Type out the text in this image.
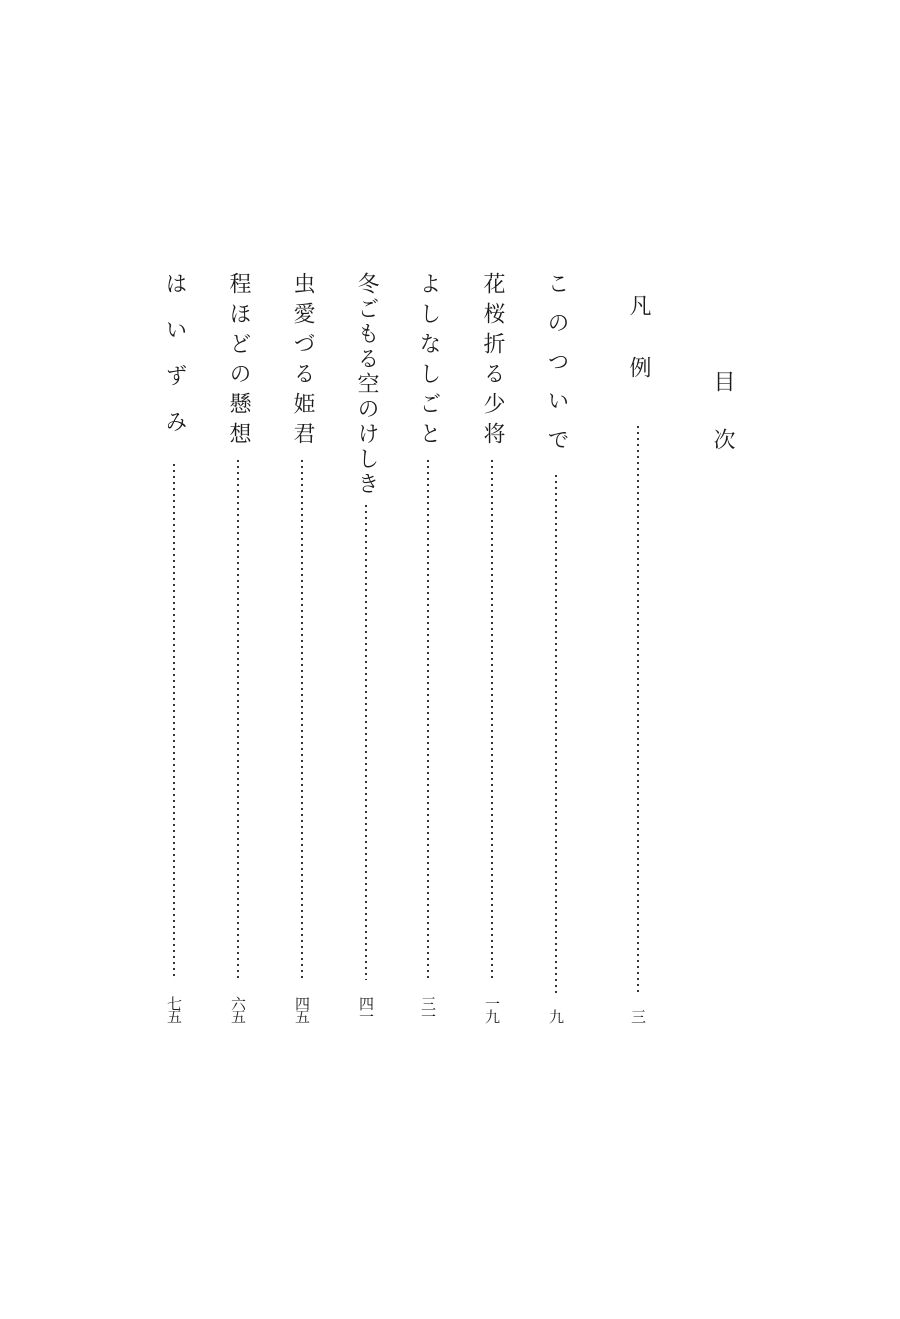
目次
凡例
三
このついで
九
花桜折る少将
一九
よしなしごと
三一
冬ごもる空のけしき
四一
虫愛づる姫君
四五
程ほどの懸想
六五
はいずみ
七五
